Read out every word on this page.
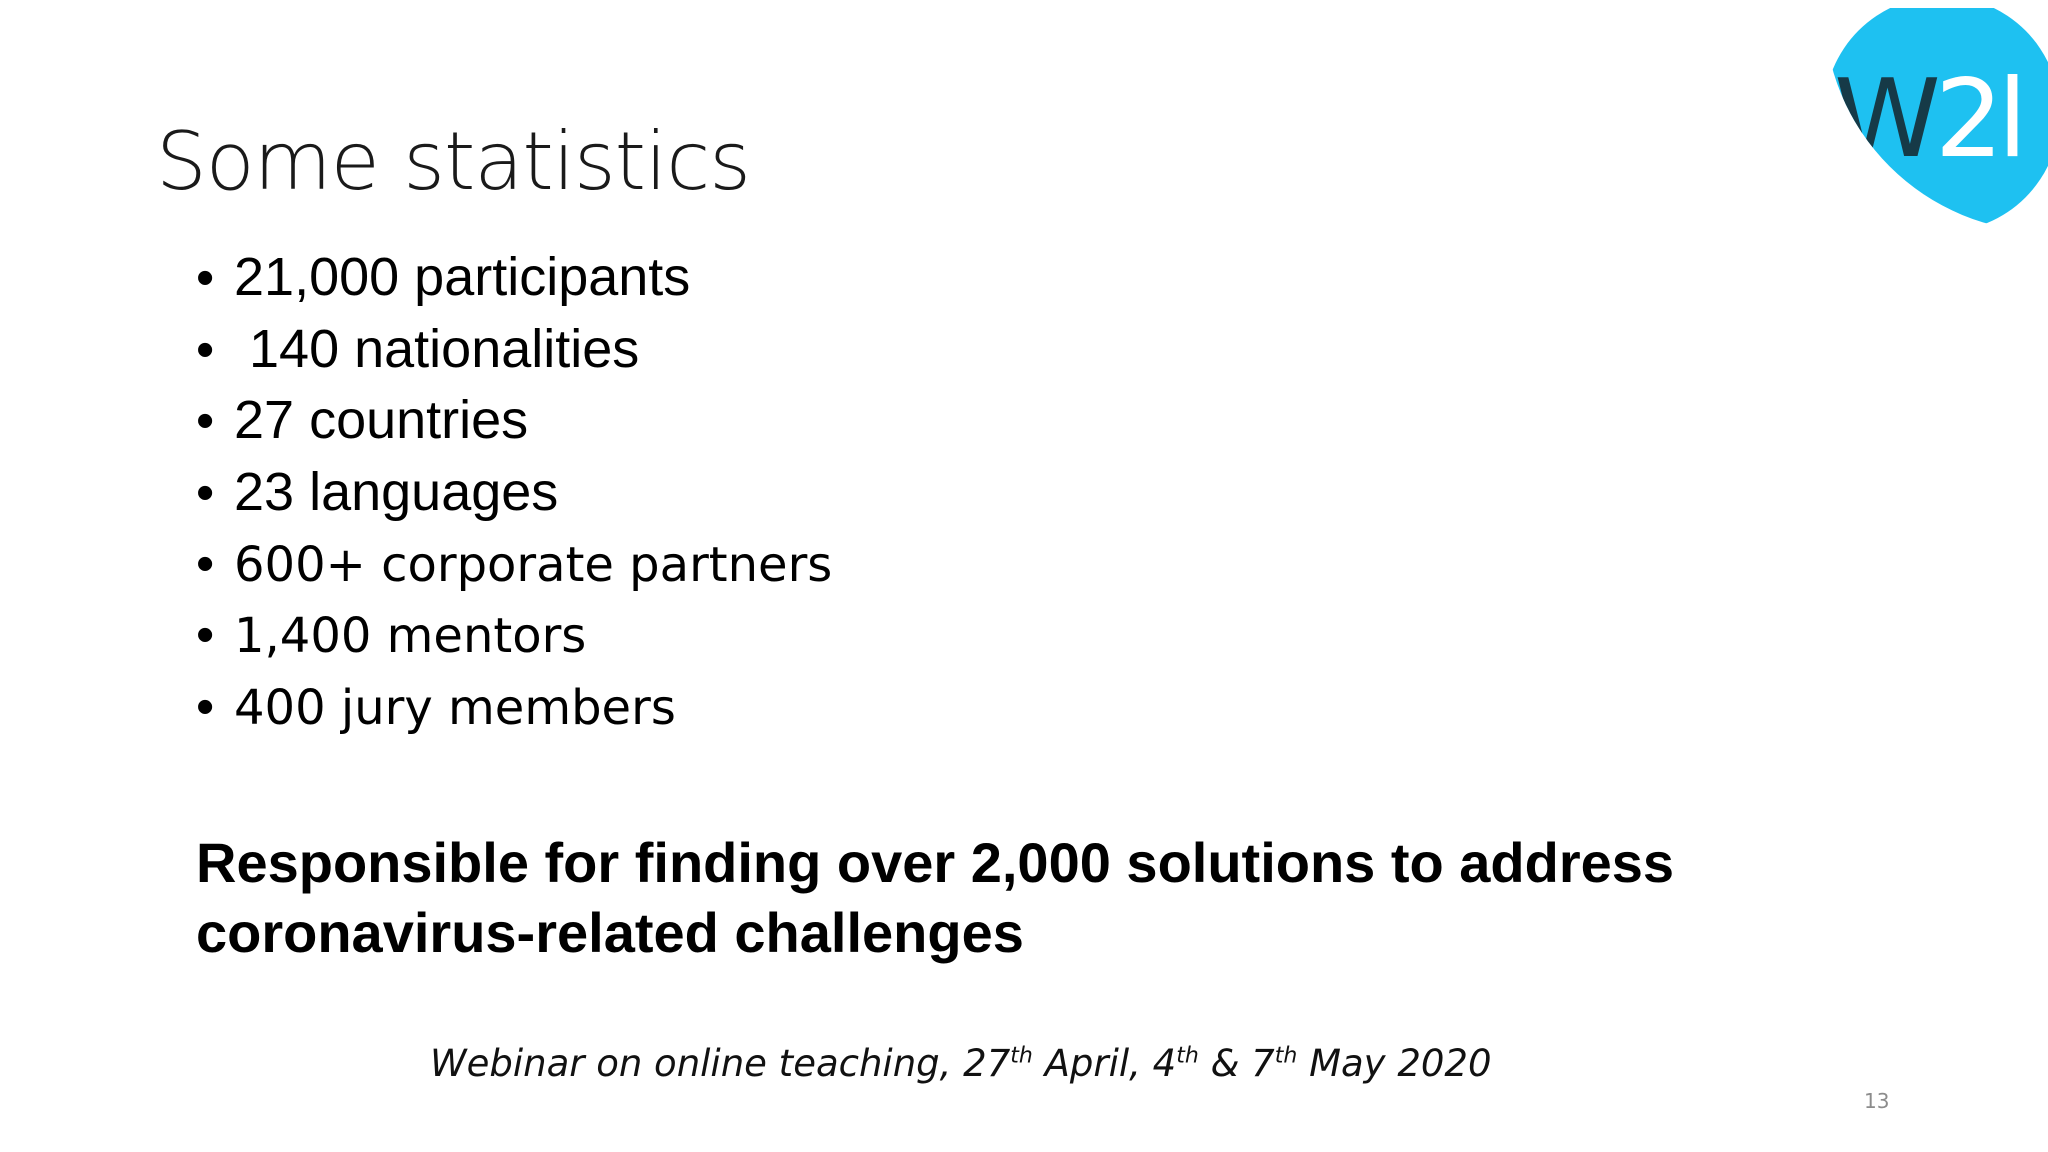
W2l
Some statistics
• 21,000 participants
• 140 nationalities
• 27 countries
• 23 languages
• 600+ corporate partners
• 1,400 mentors
• 400 jury members

Responsible for finding over 2,000 solutions to address coronavirus-related challenges

Webinar on online teaching, 27th April, 4th & 7th May 2020
13
